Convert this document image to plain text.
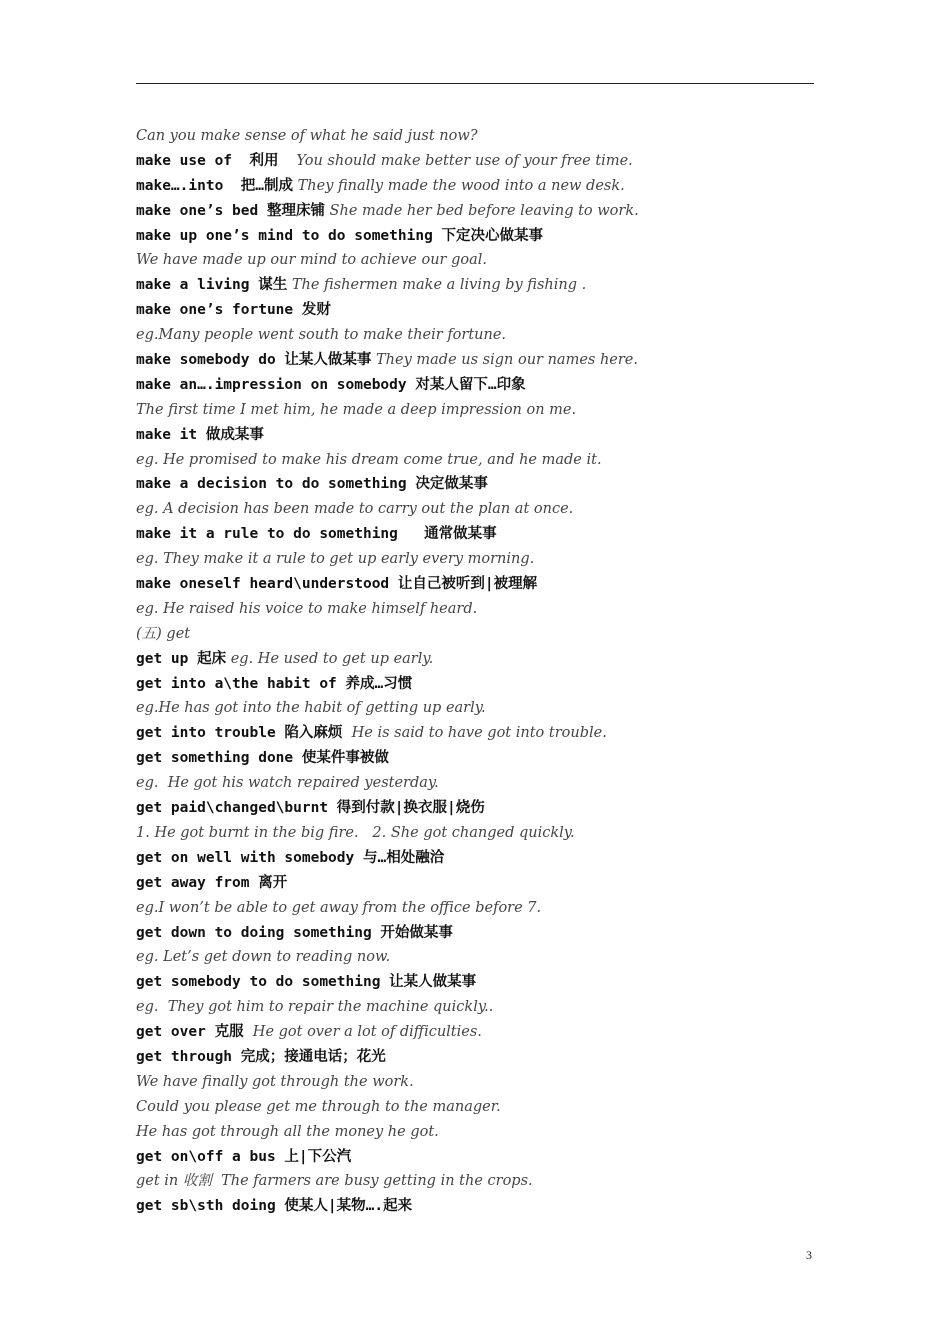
Can you make sense of what he said just now?
make use of  利用   You should make better use of your free time.
make….into  把…制成 They finally made the wood into a new desk.
make one’s bed 整理床铺 She made her bed before leaving to work.
make up one’s mind to do something 下定决心做某事
We have made up our mind to achieve our goal.
make a living 谋生 The fishermen make a living by fishing .
make one’s fortune 发财
eg.Many people went south to make their fortune.
make somebody do 让某人做某事 They made us sign our names here.
make an….impression on somebody 对某人留下…印象
The first time I met him, he made a deep impression on me.
make it 做成某事
eg. He promised to make his dream come true, and he made it.
make a decision to do something 决定做某事
eg. A decision has been made to carry out the plan at once.
make it a rule to do something   通常做某事
eg. They make it a rule to get up early every morning.
make oneself heard\understood 让自己被听到|被理解
eg. He raised his voice to make himself heard.
(五) get
get up 起床 eg. He used to get up early.
get into a\the habit of 养成…习惯
eg.He has got into the habit of getting up early.
get into trouble 陷入麻烦  He is said to have got into trouble.
get something done 使某件事被做
eg.  He got his watch repaired yesterday.
get paid\changed\burnt 得到付款|换衣服|烧伤
1. He got burnt in the big fire.   2. She got changed quickly.
get on well with somebody 与…相处融洽
get away from 离开
eg.I won’t be able to get away from the office before 7.
get down to doing something 开始做某事
eg. Let’s get down to reading now.
get somebody to do something 让某人做某事
eg.  They got him to repair the machine quickly..
get over 克服  He got over a lot of difficulties.
get through 完成；接通电话；花光
We have finally got through the work.
Could you please get me through to the manager.
He has got through all the money he got.
get on\off a bus 上|下公汽
get in 收割  The farmers are busy getting in the crops.
get sb\sth doing 使某人|某物….起来
3
